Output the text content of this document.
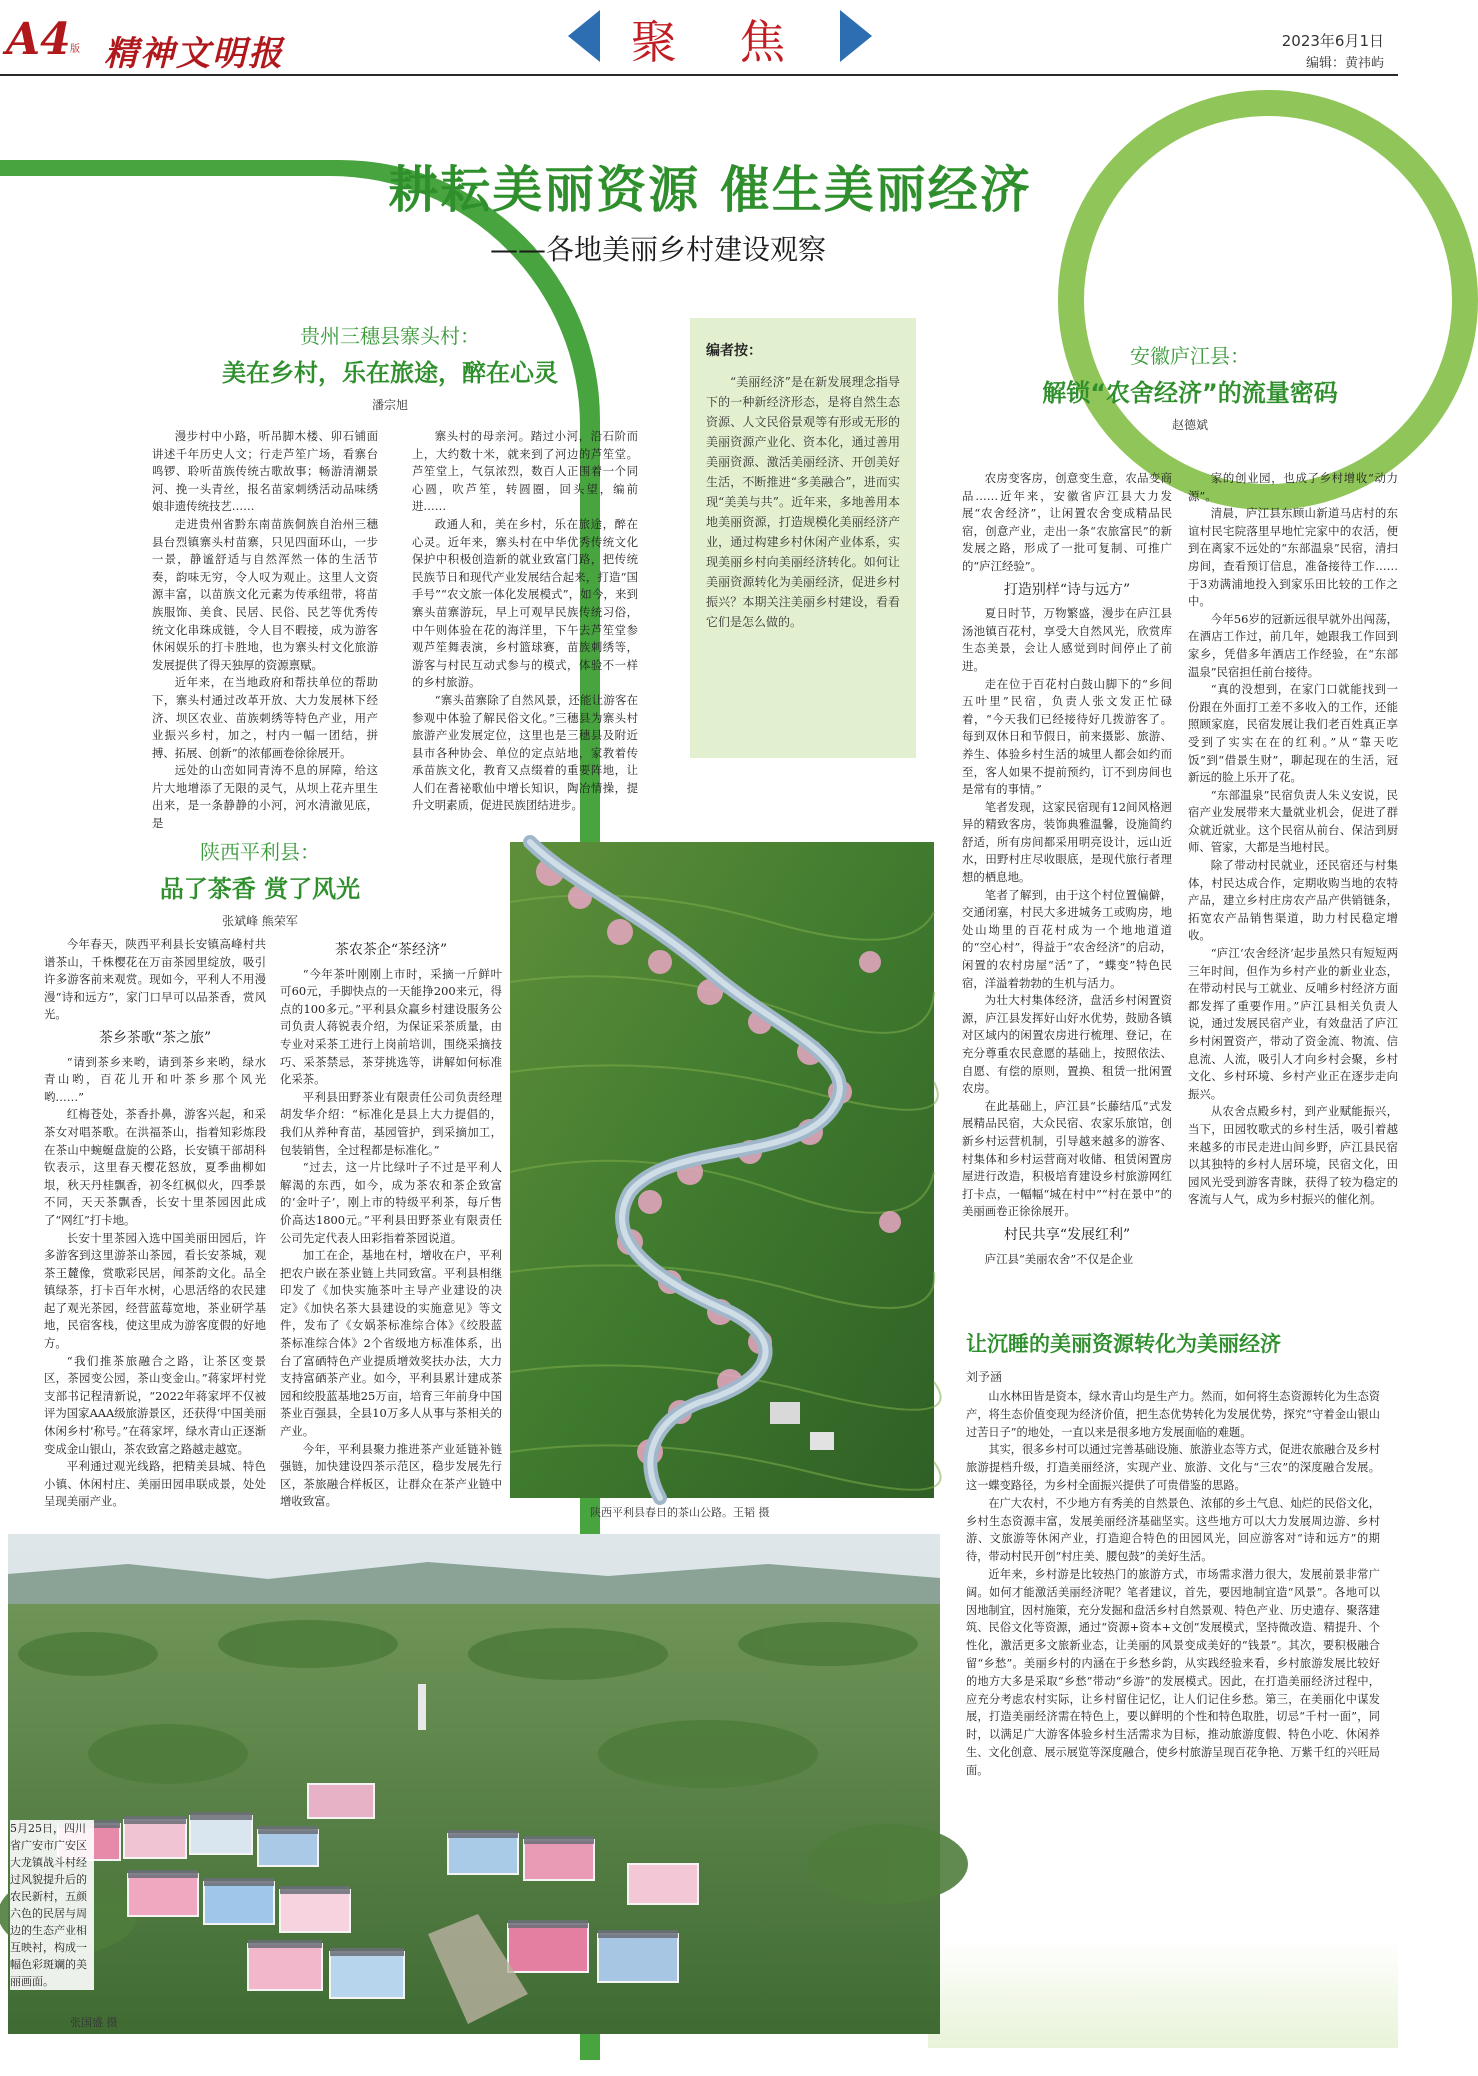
A4 版 精神文明报	聚 焦	2023年6月1日
编辑：黄祎屿
耕耘美丽资源 催生美丽经济
——各地美丽乡村建设观察
贵州三穗县寨头村：
美在乡村，乐在旅途，醉在心灵
潘宗旭

漫步村中小路，听吊脚木楼、卯石铺面讲述千年历史人文；行走芦笙广场，看寨台鸣锣、聆听苗族传统古歌故事；畅游清潮景河、挽一头青丝，报名苗家刺绣活动品味绣娘非遗传统技艺……

走进贵州省黔东南苗族侗族自治州三穗县台烈镇寨头村苗寨，只见四面环山，一步一景，静谧舒适与自然浑然一体的生活节奏，韵味无穷，令人叹为观止。这里人文资源丰富，以苗族文化元素为传承纽带，将苗族服饰、美食、民居、民俗、民艺等优秀传统文化串珠成链，令人目不暇接，成为游客休闲娱乐的打卡胜地，也为寨头村文化旅游发展提供了得天独厚的资源禀赋。

近年来，在当地政府和帮扶单位的帮助下，寨头村通过改革开放、大力发展林下经济、坝区农业、苗族刺绣等特色产业，用产业振兴乡村，加之，村内一幅一团结，拼搏、拓展、创新”的浓郁画卷徐徐展开。

远处的山峦如同青涛不息的屏障，给这片大地增添了无限的灵气，从坝上花卉里生出来，是一条静静的小河，河水清澈见底，是

寨头村的母亲河。踏过小河，沿石阶而上，大约数十米，就来到了河边的芦笙堂。芦笙堂上，气氛浓烈，数百人正围着一个同心圆，吹芦笙，转圆圈，回头望，编前进……

政通人和，美在乡村，乐在旅途，醉在心灵。近年来，寨头村在中华优秀传统文化保护中积极创造新的就业致富门路，把传统民族节日和现代产业发展结合起来，打造“国手号”“农文旅一体化发展模式”，如今，来到寨头苗寨游玩，早上可观早民族传统习俗，中午则体验在花的海洋里，下午去芦笙堂参观芦笙舞表演，乡村篮球赛，苗族刺绣等，游客与村民互动式参与的模式，体验不一样的乡村旅游。

“寨头苗寨除了自然风景，还能让游客在参观中体验了解民俗文化。”三穗县为寨头村旅游产业发展定位，这里也是三穗县及附近县市各种协会、单位的定点站地，家教着传承苗族文化，教育又点缀着的重要阵地，让人们在耆祕歌仙中增长知识，陶冶情操，提升文明素质，促进民族团结进步。

编者按：
“美丽经济”是在新发展理念指导下的一种新经济形态，是将自然生态资源、人文民俗景观等有形或无形的美丽资源产业化、资本化，通过善用美丽资源、激活美丽经济、开创美好生活，不断推进“多美融合”，进而实现“美美与共”。近年来，多地善用本地美丽资源，打造规模化美丽经济产业，通过构建乡村休闲产业体系，实现美丽乡村向美丽经济转化。如何让美丽资源转化为美丽经济，促进乡村振兴？本期关注美丽乡村建设，看看它们是怎么做的。
安徽庐江县：
解锁“农舍经济”的流量密码
赵德斌

农房变客房，创意变生意，农品变商品……近年来，安徽省庐江县大力发展“农舍经济”，让闲置农舍变成精品民宿，创意产业，走出一条“农旅富民”的新发展之路，形成了一批可复制、可推广的“庐江经验”。

打造别样“诗与远方”

夏日时节，万物繁盛，漫步在庐江县汤池镇百花村，享受大自然风光，欣赏库生态美景，会让人感觉到时间停止了前进。

走在位于百花村白鼓山脚下的“乡间五叶里”民宿，负责人张文发正忙碌着，“今天我们已经接待好几拨游客了。每到双休日和节假日，前来摄影、旅游、养生、体验乡村生活的城里人都会如约而至，客人如果不提前预约，订不到房间也是常有的事情。”

笔者发现，这家民宿现有12间风格迥异的精致客房，装饰典雅温馨，设施简约舒适，所有房间都采用明亮设计，远山近水，田野村庄尽收眼底，是现代旅行者理想的栖息地。

笔者了解到，由于这个村位置偏僻，交通闭塞，村民大多进城务工或购房，地处山坳里的百花村成为一个地地道道的“空心村”，得益于“农舍经济”的启动，闲置的农村房屋“活”了，“蝶变”特色民宿，洋溢着勃勃的生机与活力。

为壮大村集体经济，盘活乡村闲置资源，庐江县发挥好山好水优势，鼓励各镇对区域内的闲置农房进行梳理、登记，在充分尊重农民意愿的基础上，按照依法、自愿、有偿的原则，置换、租赁一批闲置农房。

在此基础上，庐江县“长藤结瓜”式发展精品民宿，大众民宿、农家乐旅馆，创新乡村运营机制，引导越来越多的游客、村集体和乡村运营商对收储、租赁闲置房屋进行改造，积极培育建设乡村旅游网红打卡点，一幅幅“城在村中”“村在景中”的美丽画卷正徐徐展开。

村民共享“发展红利”

庐江县“美丽农舍”不仅是企业

家的创业园，也成了乡村增收“动力源”。

清晨，庐江县东顾山新道马店村的东谊村民宅院落里早地忙完家中的农活，便到在离家不远处的“东部温泉”民宿，清扫房间，查看预订信息，准备接待工作……于3劝满浦地投入到家乐田比较的工作之中。

今年56岁的冠新远很早就外出闯荡，在酒店工作过，前几年，她跟我工作回到家乡，凭借多年酒店工作经验，在“东部温泉”民宿担任前台接待。

“真的没想到，在家门口就能找到一份跟在外面打工差不多收入的工作，还能照顾家庭，民宿发展让我们老百姓真正享受到了实实在在的红利。”从“靠天吃饭”到“借景生财”，聊起现在的生活，冠新远的脸上乐开了花。

“东部温泉”民宿负责人朱义安说，民宿产业发展带来大量就业机会，促进了群众就近就业。这个民宿从前台、保洁到厨师、管家，大都是当地村民。

除了带动村民就业，还民宿还与村集体，村民达成合作，定期收购当地的农特产品，建立乡村庄房农产品产供销链条，拓宽农产品销售渠道，助力村民稳定增收。

“庐江‘农舍经济’起步虽然只有短短两三年时间，但作为乡村产业的新业业态，在带动村民与工就业、反哺乡村经济方面都发挥了重要作用。”庐江县相关负责人说，通过发展民宿产业，有效盘活了庐江乡村闲置资产，带动了资金流、物流、信息流、人流，吸引人才向乡村会聚，乡村文化、乡村环境、乡村产业正在逐步走向振兴。

从农舍点殿乡村，到产业赋能振兴，当下，田园牧歌式的乡村生活，吸引着越来越多的市民走进山间乡野，庐江县民宿以其独特的乡村人居环境，民宿文化，田园风光受到游客青睐，获得了较为稳定的客流与人气，成为乡村振兴的催化剂。

陕西平利县：
品了茶香 赏了风光
张斌峰 熊荣军

今年春天，陕西平利县长安镇高峰村共谱茶山，千株樱花在万亩茶园里绽放，吸引许多游客前来观赏。现如今，平利人不用漫漫“诗和远方”，家门口早可以品茶香，赏风光。

茶乡茶歌“茶之旅”

“请到茶乡来哟，请到茶乡来哟，绿水青山哟，百花儿开和叶茶乡那个风光哟……”

红梅苍处，茶香扑鼻，游客兴起，和采茶女对唱茶歌。在洪福茶山，指着知彩炼段在茶山中蜿蜒盘旋的公路，长安镇干部胡科钦表示，这里春天樱花怒放，夏季曲柳如垠，秋天丹桂飘香，初冬红枫似火，四季景不同，天天茶飘香，长安十里茶园因此成了“网红”打卡地。

长安十里茶园入选中国美丽田园后，许多游客到这里游茶山茶园，看长安茶城，观茶王麓像，赏歌彩民居，闻茶韵文化。品全镇绿茶，打卡百年水树，心思活络的农民建起了观光茶园，经营蓝莓宽地，茶业研学基地，民宿客栈，使这里成为游客度假的好地方。

“我们推茶旅融合之路，让茶区变景区，茶园变公园，茶山变金山。”蒋家坪村党支部书记程清新说，“2022年蒋家坪不仅被评为国家AAA级旅游景区，还获得‘中国美丽休闲乡村’称号。”在蒋家坪，绿水青山正逐渐变成金山银山，茶农致富之路越走越宽。

平利通过观光线路，把精美县城、特色小镇、休闲村庄、美丽田园串联成景，处处呈现美丽产业。

茶农茶企“茶经济”

“今年茶叶刚刚上市时，采摘一斤鲜叶可60元，手脚快点的一天能挣200来元，得点的100多元。”平利县众赢乡村建设服务公司负责人蒋锐表介绍，为保证采茶质量，由专业对采茶工进行上岗前培训，围绕采摘技巧、采茶禁忌，茶芽挑选等，讲解如何标准化采茶。

平利县田野茶业有限责任公司负责经理胡发华介绍：“标准化是县上大力提倡的，我们从养种育苗，基园管护，到采摘加工，包装销售，全过程都是标准化。”

“过去，这一片比绿叶子不过是平利人解渴的东西，如今，成为茶农和茶企致富的‘金叶子’，刚上市的特级平利茶，每斤售价高达1800元。”平利县田野茶业有限责任公司先定代表人田彩指着茶园说道。

加工在企，基地在村，增收在户，平利把农户嵌在茶业链上共同致富。平利县相继印发了《加快实施茶叶主导产业建设的决定》《加快名茶大县建设的实施意见》等文件，发布了《女娲茶标准综合体》《绞股蓝茶标准综合体》2个省级地方标准体系，出台了富硒特色产业提质增效奖扶办法，大力支持富硒茶产业。如今，平利县累计建成茶园和绞股蓝基地25万亩，培育三年前身中国茶业百强县，全县10万多人从事与茶相关的产业。

今年，平利县聚力推进茶产业延链补链强链，加快建设四茶示范区，稳步发展先行区，茶旅融合样板区，让群众在茶产业链中增收致富。

陕西平利县春日的茶山公路。王韬 摄
5月25日，四川省广安市广安区大龙镇战斗村经过风貌提升后的农民新村，五颜六色的民居与周边的生态产业相互映衬，构成一幅色彩斑斓的美丽画面。
张国盛 摄
让沉睡的美丽资源转化为美丽经济
刘予涵

山水林田皆是资本，绿水青山均是生产力。然而，如何将生态资源转化为生态资产，将生态价值变现为经济价值，把生态优势转化为发展优势，探究“守着金山银山过苦日子”的地处，一直以来是很多地方发展面临的难题。

其实，很多乡村可以通过完善基础设施、旅游业态等方式，促进农旅融合及乡村旅游提档升级，打造美丽经济，实现产业、旅游、文化与“三农”的深度融合发展。这一蝶变路径，为乡村全面振兴提供了可贵借鉴的思路。

在广大农村，不少地方有秀美的自然景色、浓郁的乡土气息、灿烂的民俗文化，乡村生态资源丰富，发展美丽经济基础坚实。这些地方可以大力发展周边游、乡村游、文旅游等休闲产业，打造迎合特色的田园风光，回应游客对“诗和远方”的期待，带动村民开创“村庄美、腰包鼓”的美好生活。

近年来，乡村游是比较热门的旅游方式，市场需求潜力很大，发展前景非常广阔。如何才能激活美丽经济呢？笔者建议，首先，要因地制宜造“风景”。各地可以因地制宜，因村施策，充分发掘和盘活乡村自然景观、特色产业、历史遗存、聚落建筑、民俗文化等资源，通过“资源+资本+文创”发展模式，坚持微改造、精提升、个性化，激活更多文旅新业态，让美丽的风景变成美好的“钱景”。其次，要积极融合留“乡愁”。美丽乡村的内涵在于乡愁乡韵，从实践经验来看，乡村旅游发展比较好的地方大多是采取“乡愁”带动“乡游”的发展模式。因此，在打造美丽经济过程中，应充分考虑农村实际，让乡村留住记忆，让人们记住乡愁。第三，在美丽化中谋发展，打造美丽经济需在特色上，要以鲜明的个性和特色取胜，切忌“千村一面”，同时，以满足广大游客体验乡村生活需求为目标，推动旅游度假、特色小吃、休闲养生、文化创意、展示展览等深度融合，使乡村旅游呈现百花争艳、万紫千红的兴旺局面。
